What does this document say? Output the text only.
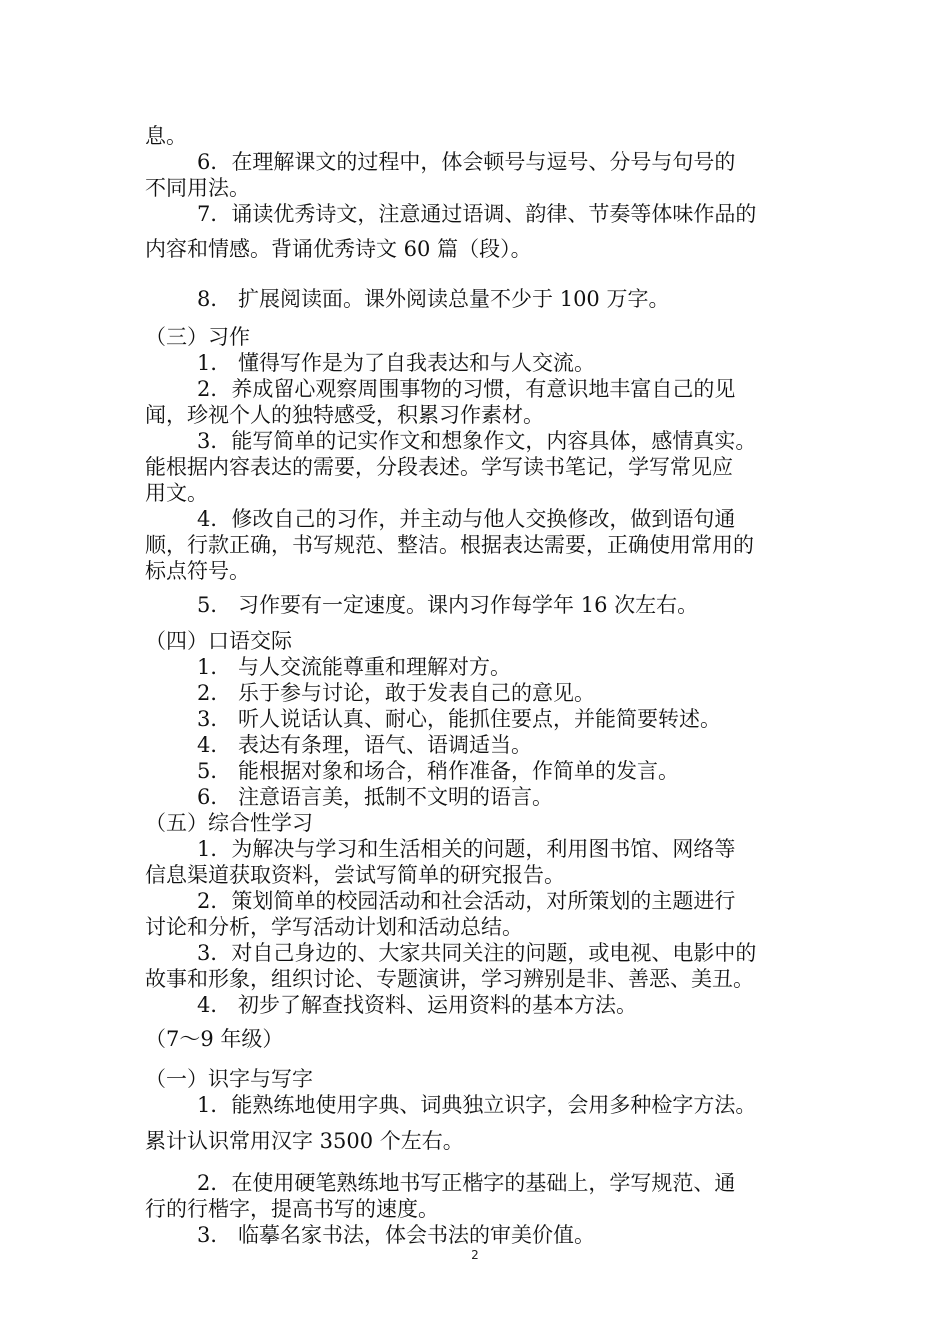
息。

6．在理解课文的过程中，体会顿号与逗号、分号与句号的

不同用法。

7．诵读优秀诗文，注意通过语调、韵律、节奏等体味作品的

内容和情感。背诵优秀诗文 60 篇（段）。

8． 扩展阅读面。课外阅读总量不少于 100 万字。

（三）习作

1． 懂得写作是为了自我表达和与人交流。

2．养成留心观察周围事物的习惯，有意识地丰富自己的见

闻，珍视个人的独特感受，积累习作素材。

3．能写简单的记实作文和想象作文，内容具体，感情真实。

能根据内容表达的需要，分段表述。学写读书笔记，学写常见应

用文。

4．修改自己的习作，并主动与他人交换修改，做到语句通

顺，行款正确，书写规范、整洁。根据表达需要，正确使用常用的

标点符号。

5． 习作要有一定速度。课内习作每学年 16 次左右。

（四）口语交际

1． 与人交流能尊重和理解对方。

2． 乐于参与讨论，敢于发表自己的意见。

3． 听人说话认真、耐心，能抓住要点，并能简要转述。

4． 表达有条理，语气、语调适当。

5． 能根据对象和场合，稍作准备，作简单的发言。

6． 注意语言美，抵制不文明的语言。

（五）综合性学习

1．为解决与学习和生活相关的问题，利用图书馆、网络等

信息渠道获取资料，尝试写简单的研究报告。

2．策划简单的校园活动和社会活动，对所策划的主题进行

讨论和分析，学写活动计划和活动总结。

3．对自己身边的、大家共同关注的问题，或电视、电影中的

故事和形象，组织讨论、专题演讲，学习辨别是非、善恶、美丑。

4． 初步了解查找资料、运用资料的基本方法。

（7～9 年级）

（一）识字与写字

1．能熟练地使用字典、词典独立识字，会用多种检字方法。

累计认识常用汉字 3500 个左右。

2．在使用硬笔熟练地书写正楷字的基础上，学写规范、通

行的行楷字，提高书写的速度。

3． 临摹名家书法，体会书法的审美价值。

2
